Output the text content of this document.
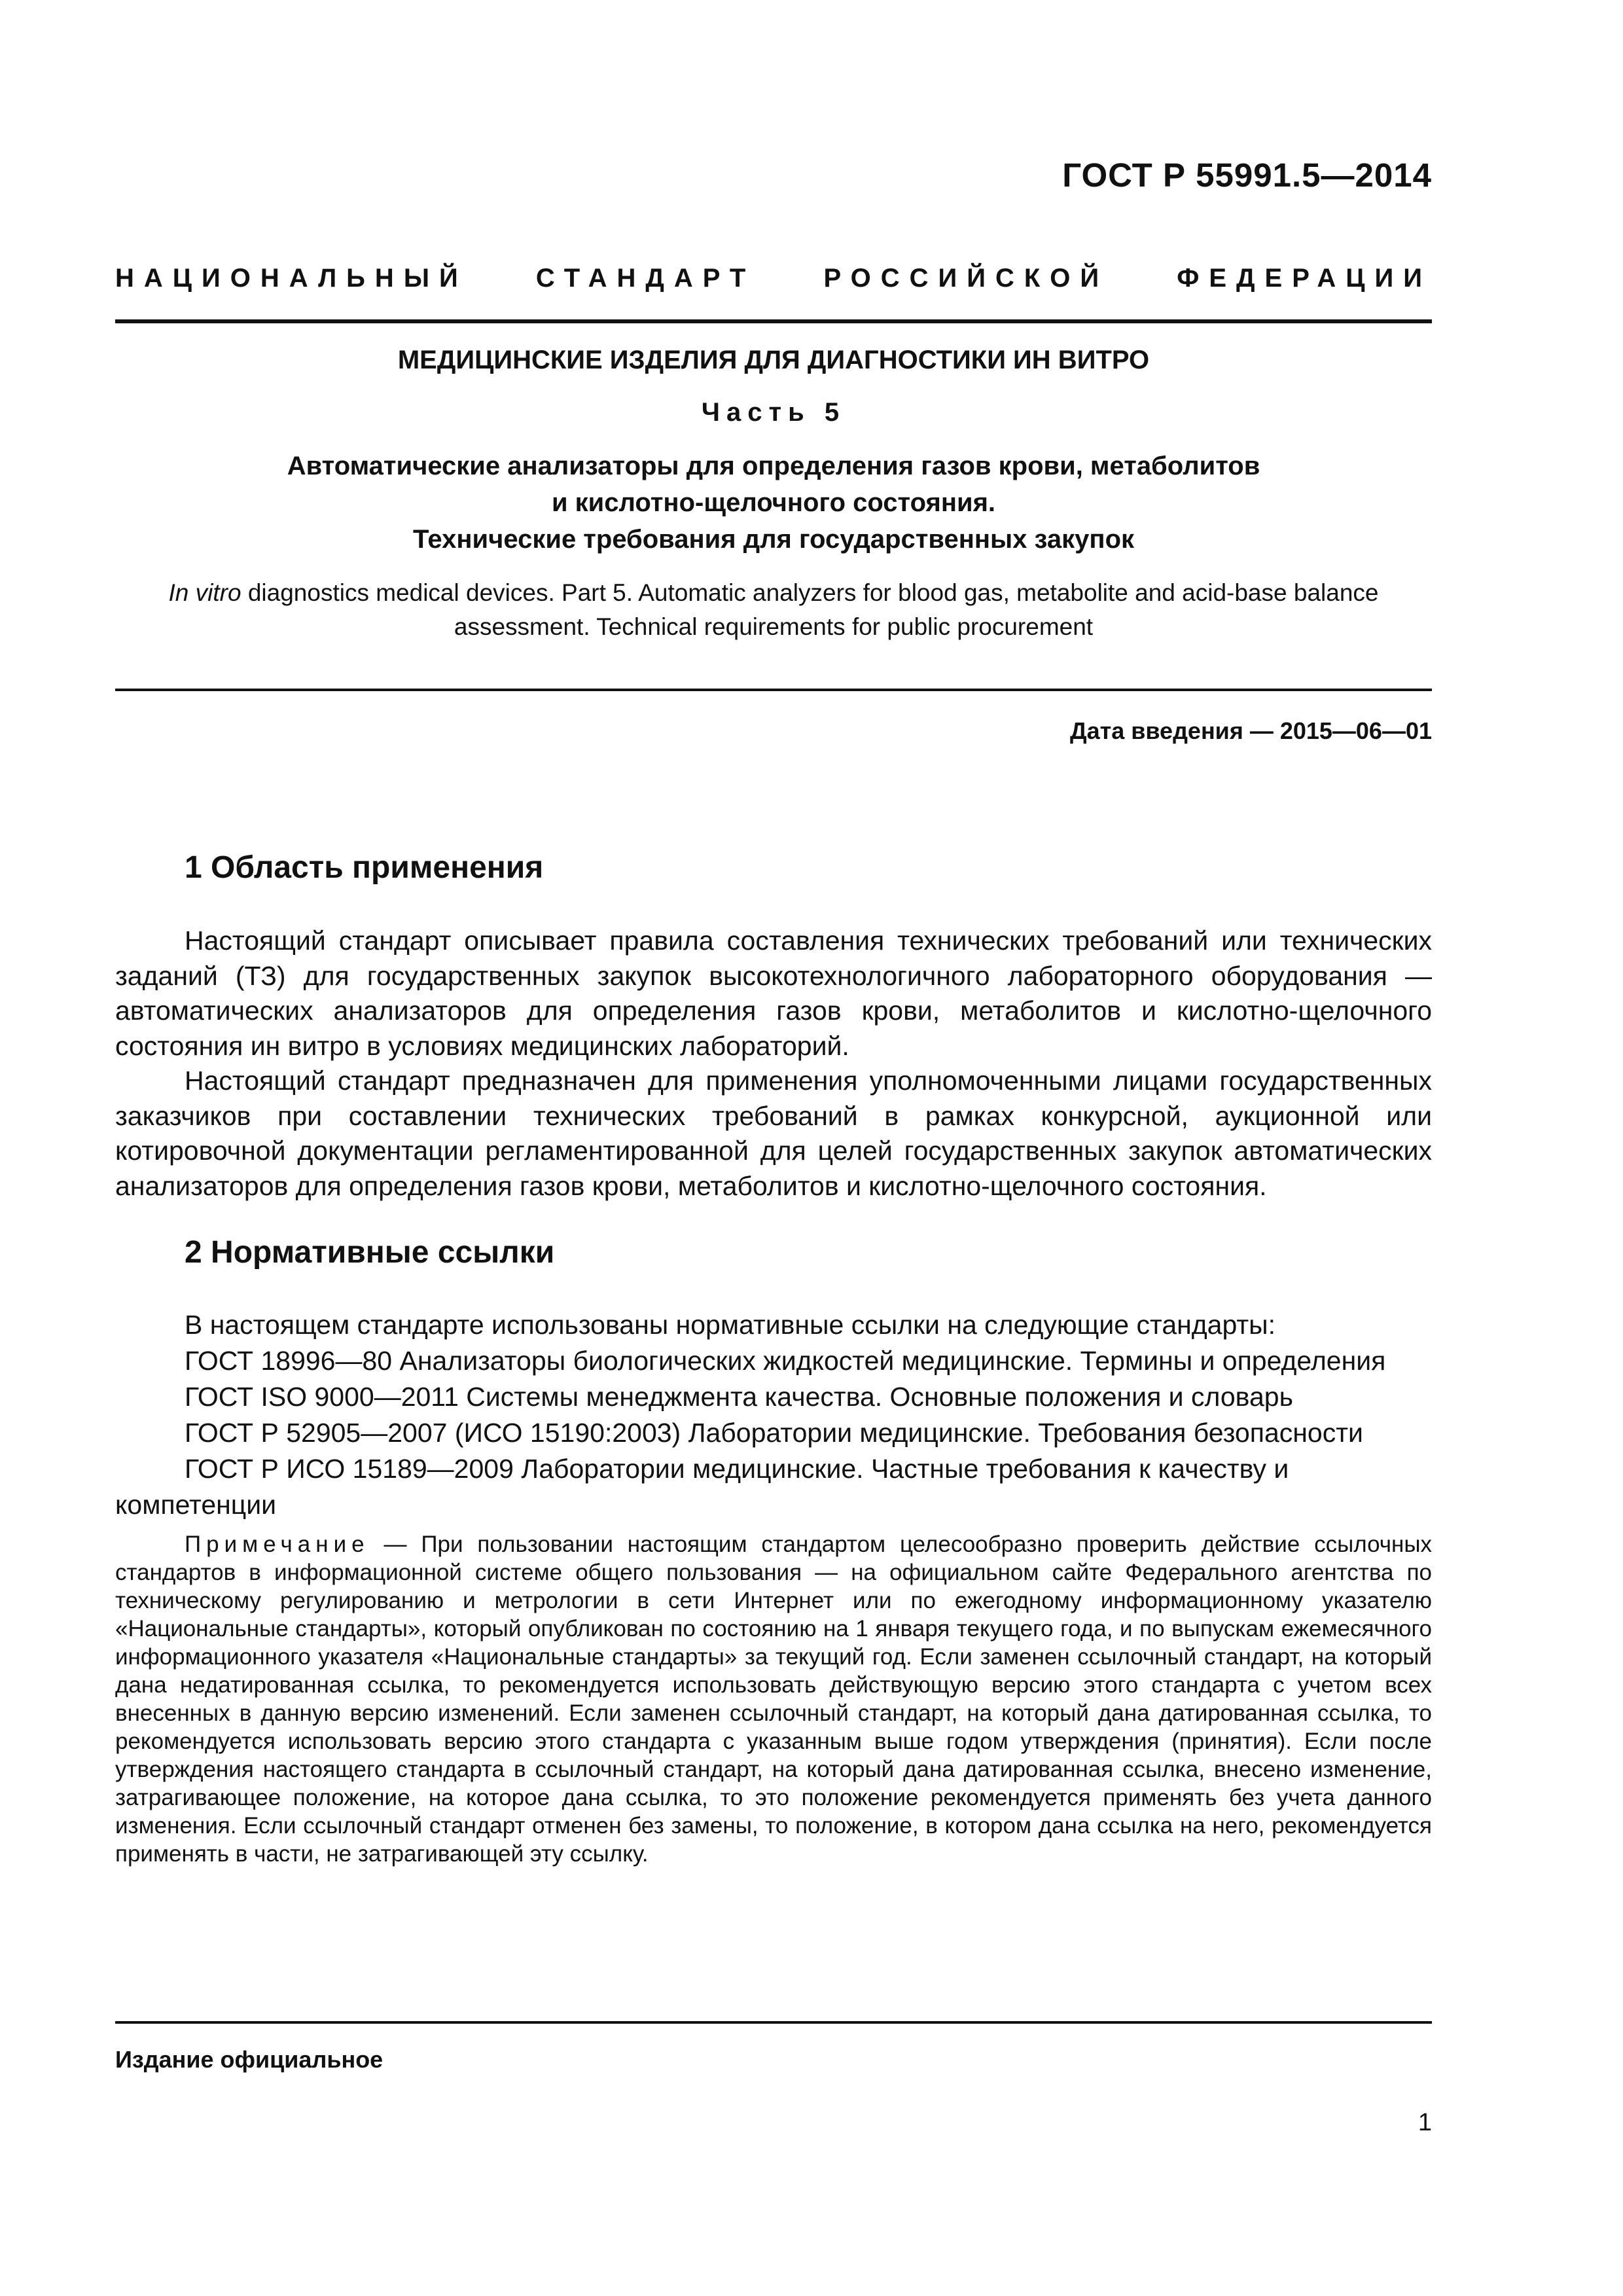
ГОСТ Р 55991.5—2014
НАЦИОНАЛЬНЫЙ	СТАНДАРТ	РОССИЙСКОЙ	ФЕДЕРАЦИИ
МЕДИЦИНСКИЕ ИЗДЕЛИЯ ДЛЯ ДИАГНОСТИКИ ИН ВИТРО
Часть 5
Автоматические анализаторы для определения газов крови, метаболитов
и кислотно-щелочного состояния.
Технические требования для государственных закупок
In vitro diagnostics medical devices. Part 5. Automatic analyzers for blood gas, metabolite and acid-base balance
assessment. Technical requirements for public procurement
Дата введения — 2015—06—01
1 Область применения

Настоящий стандарт описывает правила составления технических требований или технических заданий (ТЗ) для государственных закупок высокотехнологичного лабораторного оборудования — автоматических анализаторов для определения газов крови, метаболитов и кислотно-щелочного состояния ин витро в условиях медицинских лабораторий.

Настоящий стандарт предназначен для применения уполномоченными лицами государственных заказчиков при составлении технических требований в рамках конкурсной, аукционной или котировочной документации регламентированной для целей государственных закупок автоматических анализаторов для определения газов крови, метаболитов и кислотно-щелочного состояния.

2 Нормативные ссылки

В настоящем стандарте использованы нормативные ссылки на следующие стандарты:

ГОСТ 18996—80 Анализаторы биологических жидкостей медицинские. Термины и определения

ГОСТ ISO 9000—2011 Системы менеджмента качества. Основные положения и словарь

ГОСТ Р 52905—2007 (ИСО 15190:2003) Лаборатории медицинские. Требования безопасности

ГОСТ Р ИСО 15189—2009 Лаборатории медицинские. Частные требования к качеству и компетенции

Примечание — При пользовании настоящим стандартом целесообразно проверить действие ссылочных стандартов в информационной системе общего пользования — на официальном сайте Федерального агентства по техническому регулированию и метрологии в сети Интернет или по ежегодному информационному указателю «Национальные стандарты», который опубликован по состоянию на 1 января текущего года, и по выпускам ежемесячного информационного указателя «Национальные стандарты» за текущий год. Если заменен ссылочный стандарт, на который дана недатированная ссылка, то рекомендуется использовать действующую версию этого стандарта с учетом всех внесенных в данную версию изменений. Если заменен ссылочный стандарт, на который дана датированная ссылка, то рекомендуется использовать версию этого стандарта с указанным выше годом утверждения (принятия). Если после утверждения настоящего стандарта в ссылочный стандарт, на который дана датированная ссылка, внесено изменение, затрагивающее положение, на которое дана ссылка, то это положение рекомендуется применять без учета данного изменения. Если ссылочный стандарт отменен без замены, то положение, в котором дана ссылка на него, рекомендуется применять в части, не затрагивающей эту ссылку.

Издание официальное
1
